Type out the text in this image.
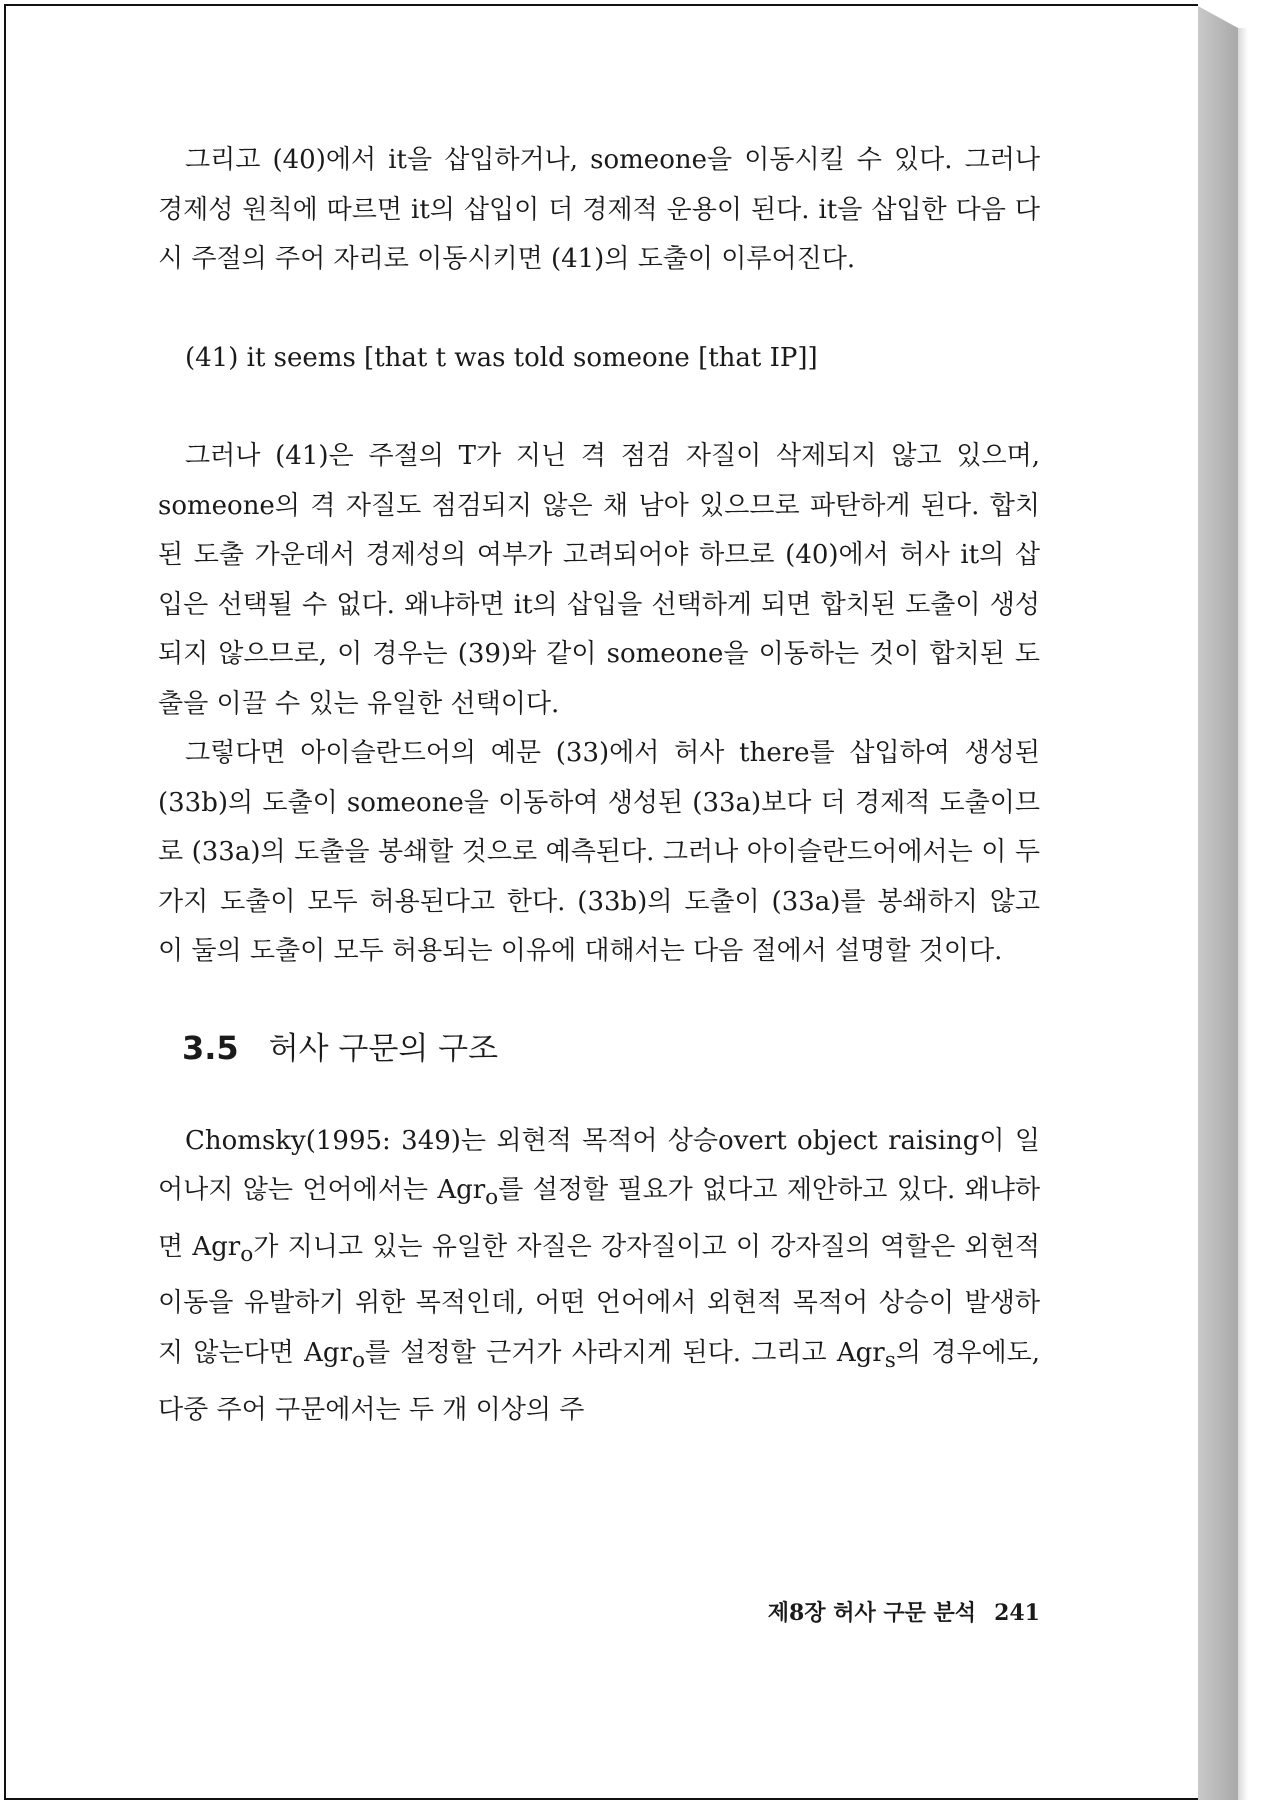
그리고 (40)에서 it을 삽입하거나, someone을 이동시킬 수 있다. 그러나 경제성 원칙에 따르면 it의 삽입이 더 경제적 운용이 된다. it을 삽입한 다음 다시 주절의 주어 자리로 이동시키면 (41)의 도출이 이루어진다.

(41) it seems [that t was told someone [that IP]]

그러나 (41)은 주절의 T가 지닌 격 점검 자질이 삭제되지 않고 있으며, someone의 격 자질도 점검되지 않은 채 남아 있으므로 파탄하게 된다. 합치된 도출 가운데서 경제성의 여부가 고려되어야 하므로 (40)에서 허사 it의 삽입은 선택될 수 없다. 왜냐하면 it의 삽입을 선택하게 되면 합치된 도출이 생성되지 않으므로, 이 경우는 (39)와 같이 someone을 이동하는 것이 합치된 도출을 이끌 수 있는 유일한 선택이다.

그렇다면 아이슬란드어의 예문 (33)에서 허사 there를 삽입하여 생성된 (33b)의 도출이 someone을 이동하여 생성된 (33a)보다 더 경제적 도출이므로 (33a)의 도출을 봉쇄할 것으로 예측된다. 그러나 아이슬란드어에서는 이 두 가지 도출이 모두 허용된다고 한다. (33b)의 도출이 (33a)를 봉쇄하지 않고 이 둘의 도출이 모두 허용되는 이유에 대해서는 다음 절에서 설명할 것이다.

3.5 허사 구문의 구조

Chomsky(1995: 349)는 외현적 목적어 상승overt object raising이 일어나지 않는 언어에서는 Agr$_o$를 설정할 필요가 없다고 제안하고 있다. 왜냐하면 Agr$_o$가 지니고 있는 유일한 자질은 강자질이고 이 강자질의 역할은 외현적 이동을 유발하기 위한 목적인데, 어떤 언어에서 외현적 목적어 상승이 발생하지 않는다면 Agr$_o$를 설정할 근거가 사라지게 된다. 그리고 Agr$_s$의 경우에도, 다중 주어 구문에서는 두 개 이상의 주

제8장 허사 구문 분석 241
